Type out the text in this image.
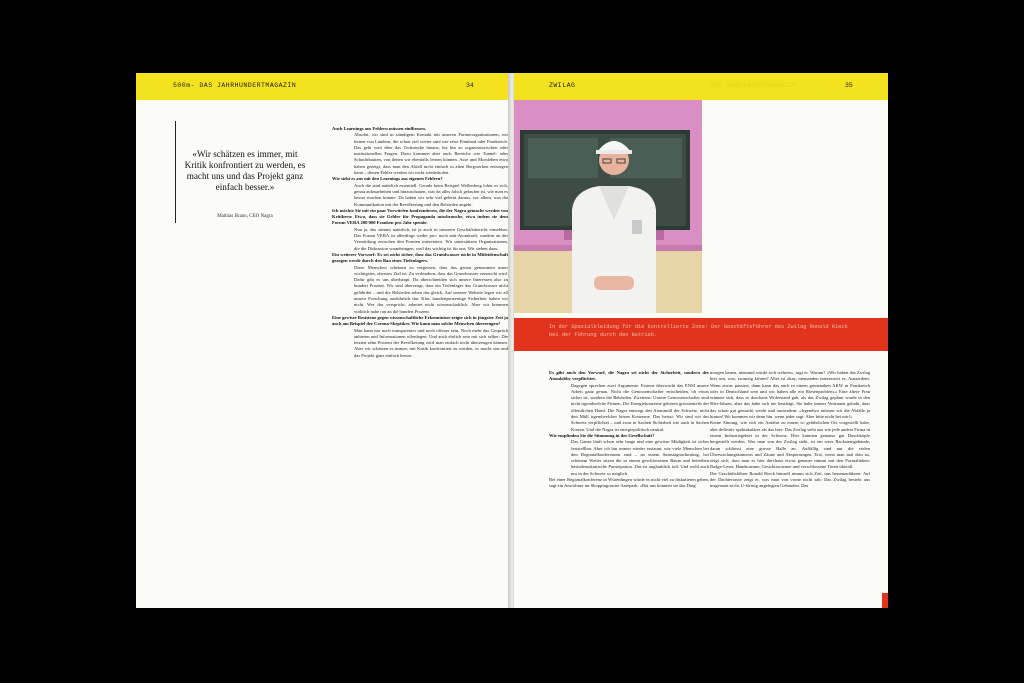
500m- DAS JAHRHUNDERTMAGAZIN	34
«Wir schätzen es immer, mit Kritik konfrontiert zu werden, es macht uns und das Projekt ganz einfach besser.»
Mathias Braun, CEO Nagra

Auch Learnings aus Fehlern müssen einfliessen.

Absolut, wir sind in ständigem Kontakt mit unseren Partnerorganisationen, wir lernen von Ländern, die schon viel weiter sind wie etwa Finnland oder Frankreich. Das geht weit über das Technische hinaus, bis hin zu organisatorischen oder institutionellen Fragen. Dazu kommen aber auch Bereiche wie Tunnel- oder Schachtbauten, von denen wir ebenfalls lernen können. Asse und Morsleben etwa haben gezeigt, dass man den Abfall nicht einfach in alten Bergwerken entsorgen kann – diesen Fehler werden wir nicht wiederholen.

Wie sieht es aus mit den Learnings aus eigenen Fehlern?

Auch die sind natürlich essentiell. Gerade beim Beispiel Wellenberg lohnt es sich, genau aufzuarbeiten und hinzuschauen, was da alles falsch gelaufen ist, wie man es besser machen könnte. Da haben wir sehr viel gelernt daraus, vor allem, was die Kommunikation mit der Bevölkerung und den Behörden angeht.

Ich möchte Sie mit ein paar Vorwürfen konfrontieren, die der Nagra gemacht werden von Kritikern: Etwa, dass sie Gelder für Propaganda missbrauche, etwa indem sie dem Forum VERA 200'000 Franken pro Jahr spende.

Nun ja, das stimmt natürlich, ist ja auch in unserem Geschäftsbericht einsehbar. Das Forum VERA ist allerdings weder pro- noch anti-Atomkraft, sondern an der Vermittlung zwischen den Fronten interessiert. Wir unterstützen Organisationen, die die Diskussion voranbringen, weil das wichtig ist für uns. Wir stehen dazu.

Ein weiterer Vorwurf: Es sei nicht sicher, dass das Grundwasser nicht in Mitleidenschaft gezogen werde durch den Bau eines Tiefenlagers.

Diese Menschen scheinen zu vergessen, dass das genau genommen unser wichtigstes, oberstes Ziel ist: Zu verhindern, dass das Grundwasser verseucht wird. Dafür gibt es uns überhaupt. Da überschneiden sich unsere Interessen also zu hundert Prozent. Wir sind überzeugt, dass ein Tiefenlager das Grundwasser nicht gefährdet – und die Behörden sehen das gleich. Auf unserer Website legen wir all unsere Forschung ausführlich dar. Klar, hundertprozentige Sicherheit haben wir nicht. Wer das verspricht, arbeitet nicht wissenschaftlich. Aber wir kommen wirklich nahe ran an die hundert Prozent.

Eine gewisse Resistenz gegen wissenschaftliche Erkenntnisse zeigte sich in jüngster Zeit ja auch am Beispiel der Corona-Skeptiker. Wie kann man solche Menschen überzeugen?

Man kann nur noch transparenter und noch offener sein. Noch mehr das Gespräch anbieten und Informationen offenlegen. Und auch ehrlich sein mit sich selber: Die letzten zehn Prozent der Bevölkerung wird man einfach nicht überzeugen können. Aber wir schätzen es immer, mit Kritik konfrontiert zu werden, es macht uns und das Projekt ganz einfach besser.

ZWILAG	DAS JAHRHUNDERTMAGAZIN	35
In der Spezialkleidung für die kontrollierte Zone: Der Geschäftsführer des Zwilag Ronald Rieck bei der Führung durch den Betrieb.

Es gibt auch den Vorwurf, die Nagra sei nicht der Sicherheit, sondern der Atomlobby verpflichtet.

Dagegen sprechen zwei Argumente. Erstens überwacht das ENSI unsere Arbeit ganz genau. Nicht die Genossenschafter entscheiden, ob etwas sicher ist, sondern die Behörden. Zweitens: Unsere Genossenschafter sind nicht irgendwelche Firmen. Die Energiekonzerne gehören grösstenteils der öffentlichen Hand. Die Nagra entsorgt den Atommüll der Schweiz, nicht den Müll irgendwelcher bösen Konzerne. Das heisst: Wir sind wir der Schweiz verpflichtet – und zwar in Sachen Sicherheit wie auch in Sachen Kosten. Und die Nagra ist energiepolitisch neutral.

Wie empfinden Sie die Stimmung in der Gesellschaft?

Das Ganze läuft schon sehr lange und eine gewisse Müdigkeit ist sicher feststellbar. Aber ich bin immer wieder erstaunt, wie viele Menschen bei den Regionalkonferenzen sind – an einem Samstagnachmittag, bei schönem Wetter sitzen die in einem geschlossenen Raum und betreiben basisdemokratische Partizipation. Das ist unglaublich toll. Und wohl auch nur in der Schweiz so möglich.

Bei einer Regionalkonferenz in Würenlingen würde es nicht viel zu diskutieren geben, sagt ein Anwohner im Shoppingcenter Aarepark. «Bei uns könnten sie das Ding

morgen bauen, niemand würde sich wehren», sagt er. Warum? «Wir haben das Zwilag hier seit, was, zwanzig Jahren? Alles ist okay, niemanden interessiert es. Ausserdem: Wenn etwas passiert, dann kann das auch in einem grenznahen AKW in Frankreich oder in Deutschland sein und wir haben alle ein Riesenproblem.» Eine ältere Frau erinnert sich, dass es durchaus Widerstand gab, als das Zwilag geplant wurde in den 90er-Jahren, aber das habe sich nie bestätigt. Sie habe immer Vertrauen gehabt, dass das schon gut gemacht werde und ausserdem: «Irgendwo müssen wir die Abfälle ja hintun! Wo kommen wir denn hin, wenn jeder sagt: Aber bitte nicht bei mir!»

Keine Ahnung, wie sich ein Anfahrt zu einem so gefährlichen Ort vorgestellt habe, aber definitiv spektakulärer als das hier: Das Zwilag sieht aus wie jede andere Firma in einem Industriegebiet in der Schweiz. Hier könnten genauso gut Duschköpfe hergestellt werden. Was man von der Zwilag sieht, ist ein rotes Backsteingebäude, daran schliesst eine grosse Halle an. Auffällig sind nur die vielen Überwachungskameras und Zäune und Absperrungen. Erst, wenn man mal drin ist, zeigt sich, dass man es hier durchaus etwas genauer nimmt mit den Formalitäten: Badge-Leser, Handscanner, Gesichtsscanner und verschlossene Türen überall.

Der Geschäftsführer Ronald Rieck himself nimmt sich Zeit, uns herumzuführen. Auf der Dachterrasse zeigt er, was man von vorne nicht sah: Das Zwilag besteht aus insgesamt sechs U-förmig angelegten Gebäuden. Das
